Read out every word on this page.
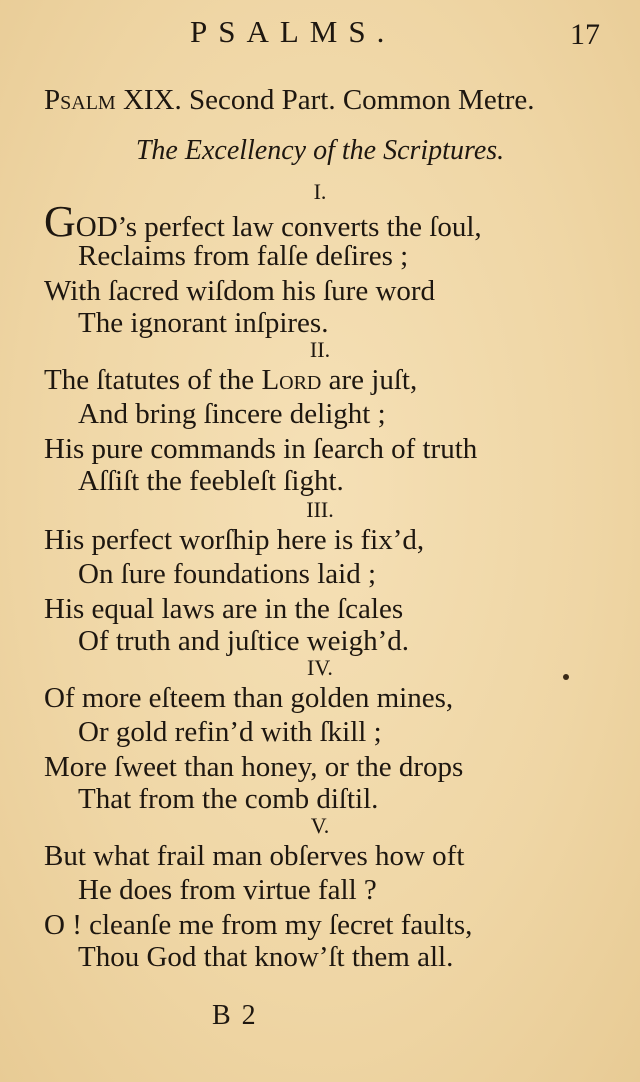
PSALMS.	17
Psalm XIX. Second Part. Common Metre.
The Excellency of the Scriptures.
I.
GOD’s perfect law converts the ſoul,
Reclaims from falſe deſires ;
With ſacred wiſdom his ſure word
The ignorant inſpires.
II.
The ſtatutes of the Lord are juſt,
And bring ſincere delight ;
His pure commands in ſearch of truth
Aſſiſt the feebleſt ſight.
III.
His perfect worſhip here is fix’d,
On ſure foundations laid ;
His equal laws are in the ſcales
Of truth and juſtice weigh’d.
IV.
Of more eſteem than golden mines,
Or gold refin’d with ſkill ;
More ſweet than honey, or the drops
That from the comb diſtil.
V.
But what frail man obſerves how oft
He does from virtue fall ?
O ! cleanſe me from my ſecret faults,
Thou God that know’ſt them all.
B 2
